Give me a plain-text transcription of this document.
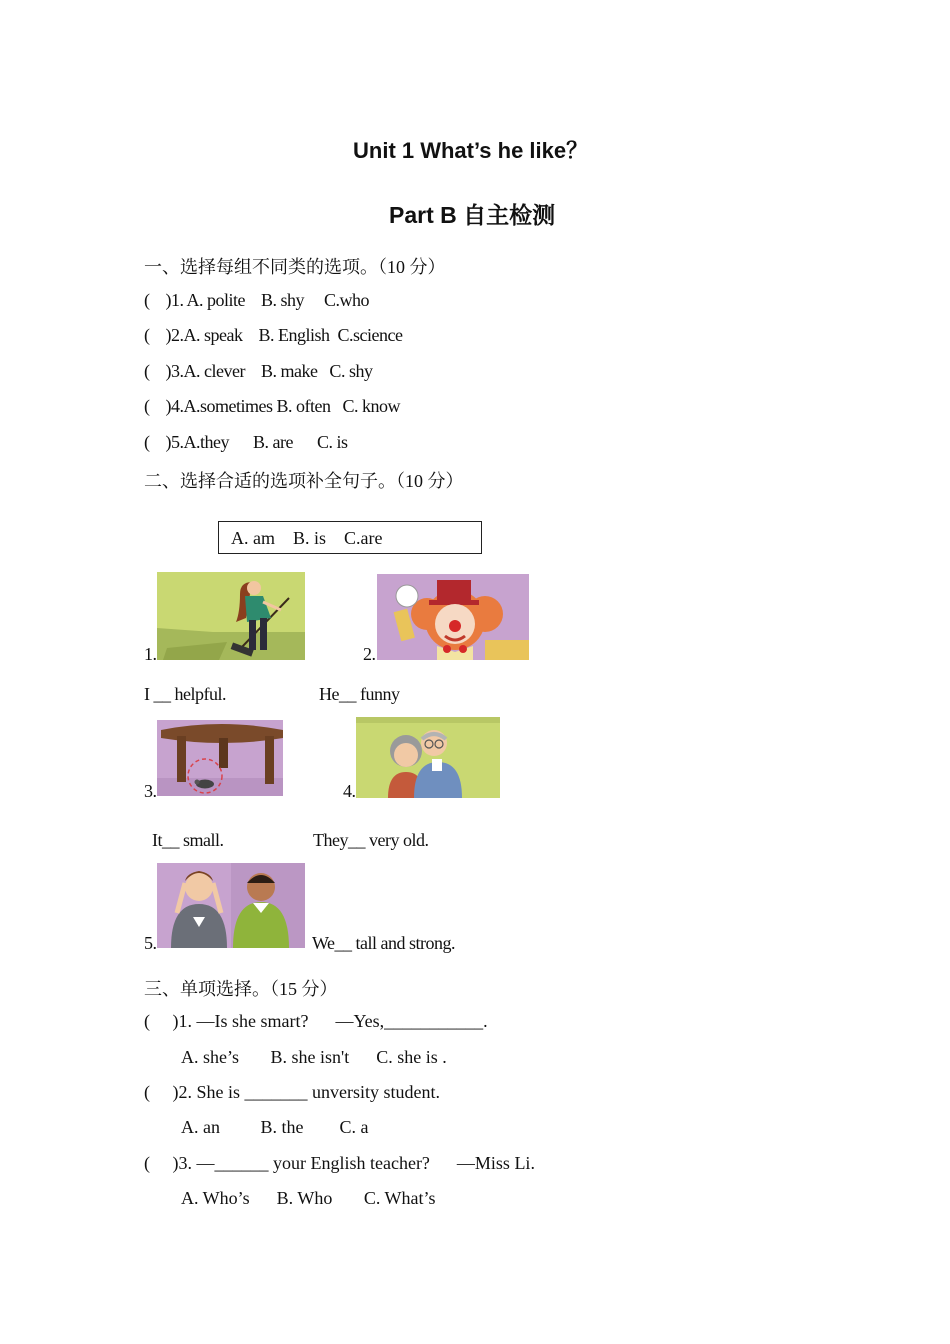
Unit 1 What’s he like？
Part B 自主检测
一、选择每组不同类的选项。（10 分）
(    )1. A. polite    B. shy     C.who
(    )2.A. speak    B. English  C.science
(    )3.A. clever    B. make   C. shy
(    )4.A.sometimes B. often   C. know
(    )5.A.they      B. are      C. is
二、选择合适的选项补全句子。（10 分）
A. am    B. is    C.are
1.	2.
I __ helpful.	He__ funny
3.	4.
It__ small.	They__ very old.
5.	We__ tall and strong.
三、单项选择。（15 分）
(     )1. —Is she smart?      —Yes,___________.
A. she’s       B. she isn't      C. she is .
(     )2. She is _______ unversity student.
A. an         B. the        C. a
(     )3. —______ your English teacher?      —Miss Li.
A. Who’s      B. Who       C. What’s
